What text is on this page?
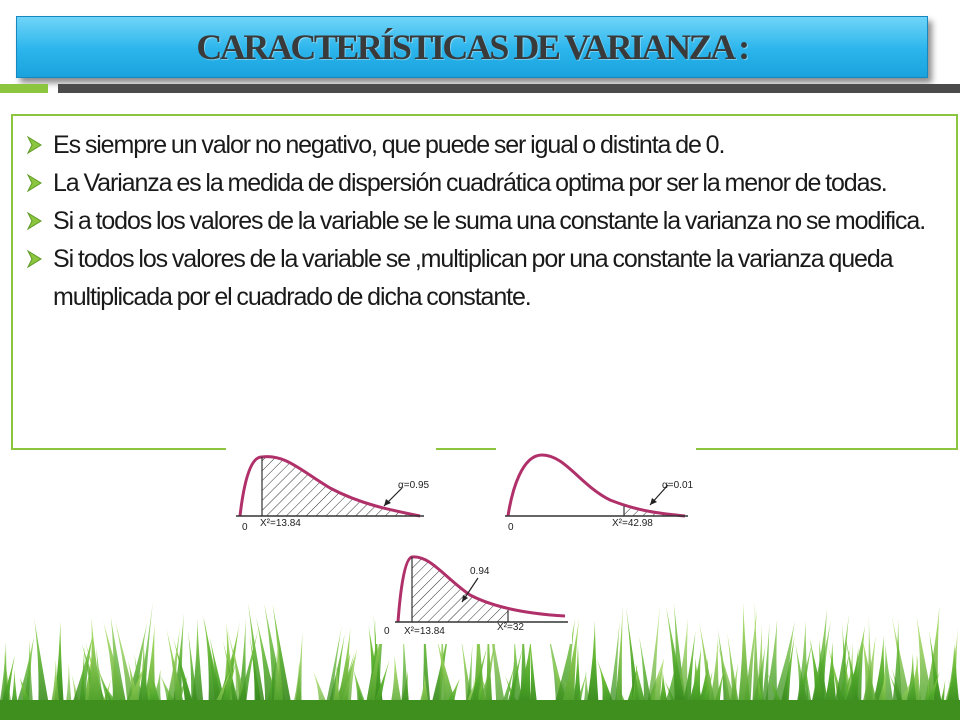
CARACTERÍSTICAS DE VARIANZA :
Es siempre un valor no negativo, que puede ser igual o distinta de 0.
La Varianza es la medida de dispersión cuadrática optima por ser la menor de todas.
Si a todos los valores de la variable se le suma una constante la varianza no se modifica.
Si todos los valores de la variable se ,multiplican por una constante la varianza queda multiplicada por el cuadrado de dicha constante.
0 X²=13.84
α=0.95
0	X²=42.98
α=0.01
0 X²=13.84	X²=32
0.94
